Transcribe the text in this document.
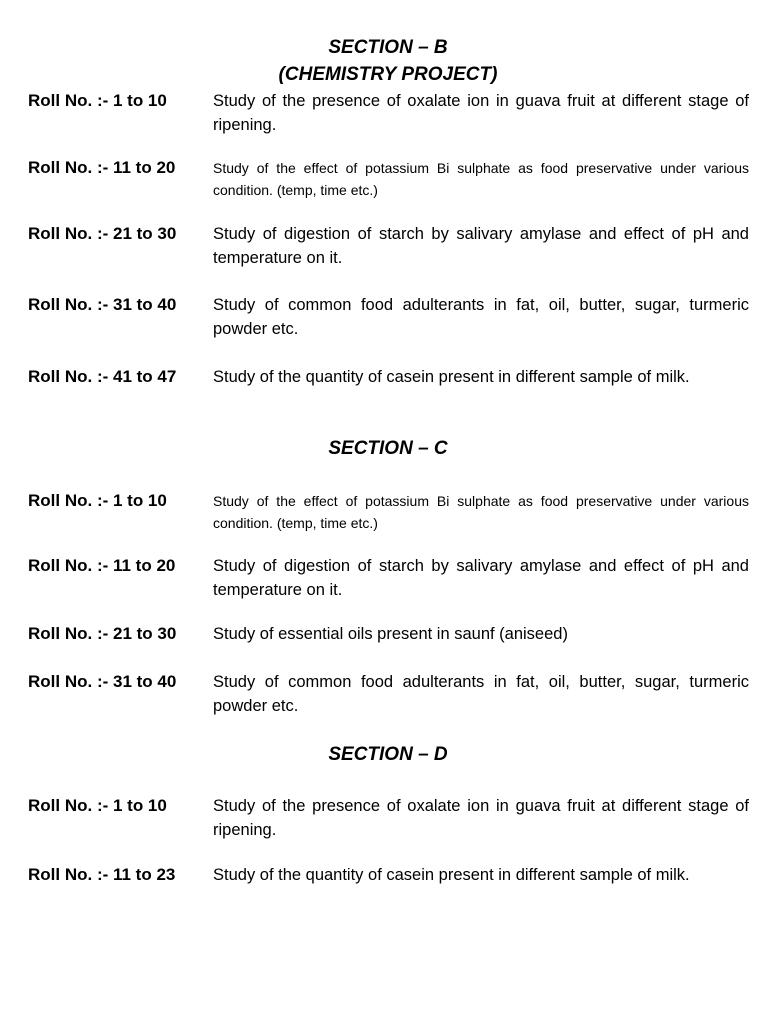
SECTION – B
(CHEMISTRY PROJECT)
Roll No. :- 1 to 10	Study of the presence of oxalate ion in guava fruit at different stage of ripening.
Roll No. :- 11 to 20	Study of the effect of potassium Bi sulphate as food preservative under various condition. (temp, time etc.)
Roll No. :- 21 to 30 Study of digestion of starch by salivary amylase and effect of pH and temperature on it.
Roll No. :- 31 to 40 Study of common food adulterants in fat, oil, butter, sugar, turmeric powder etc.
Roll No. :- 41 to 47 Study of the quantity of casein present in different sample of milk.
SECTION – C
Roll No. :- 1 to 10	Study of the effect of potassium Bi sulphate as food preservative under various condition. (temp, time etc.)
Roll No. :- 11 to 20 Study of digestion of starch by salivary amylase and effect of pH and temperature on it.
Roll No. :- 21 to 30 Study of essential oils present in saunf (aniseed)
Roll No. :- 31 to 40 Study of common food adulterants in fat, oil, butter, sugar, turmeric powder etc.
SECTION – D
Roll No. :- 1 to 10	Study of the presence of oxalate ion in guava fruit at different stage of ripening.
Roll No. :- 11 to 23 Study of the quantity of casein present in different sample of milk.
